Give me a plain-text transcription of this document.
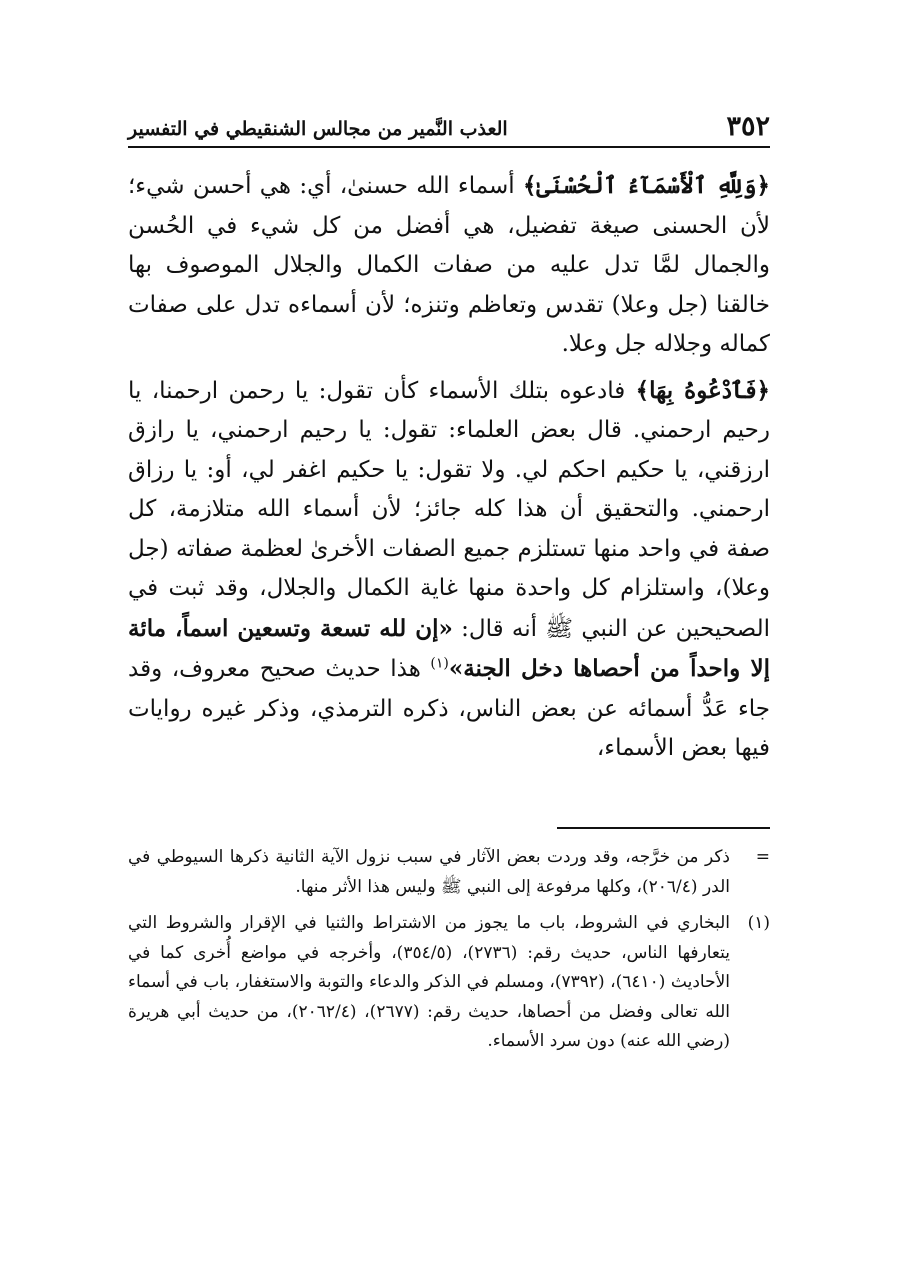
٣٥٢
العذب النَّمير من مجالس الشنقيطي في التفسير

﴿وَلِلَّهِ ٱلْأَسْمَآءُ ٱلْحُسْنَىٰ﴾ أسماء الله حسنىٰ، أي: هي أحسن شيء؛ لأن الحسنى صيغة تفضيل، هي أفضل من كل شيء في الحُسن والجمال لمَّا تدل عليه من صفات الكمال والجلال الموصوف بها خالقنا (جل وعلا) تقدس وتعاظم وتنزه؛ لأن أسماءه تدل على صفات كماله وجلاله جل وعلا.

﴿فَٱدْعُوهُ بِهَا﴾ فادعوه بتلك الأسماء كأن تقول: يا رحمن ارحمنا، يا رحيم ارحمني. قال بعض العلماء: تقول: يا رحيم ارحمني، يا رازق ارزقني، يا حكيم احكم لي. ولا تقول: يا حكيم اغفر لي، أو: يا رزاق ارحمني. والتحقيق أن هذا كله جائز؛ لأن أسماء الله متلازمة، كل صفة في واحد منها تستلزم جميع الصفات الأخرىٰ لعظمة صفاته (جل وعلا)، واستلزام كل واحدة منها غاية الكمال والجلال، وقد ثبت في الصحيحين عن النبي ﷺ أنه قال: «إن لله تسعة وتسعين اسماً، مائة إلا واحداً من أحصاها دخل الجنة»$^{(١)}$ هذا حديث صحيح معروف، وقد جاء عَدُّ أسمائه عن بعض الناس، ذكره الترمذي، وذكر غيره روايات فيها بعض الأسماء،

=
ذكر من خرَّجه، وقد وردت بعض الآثار في سبب نزول الآية الثانية ذكرها السيوطي في الدر (٢٠٦/٤)، وكلها مرفوعة إلى النبي ﷺ وليس هذا الأثر منها.
(١)
البخاري في الشروط، باب ما يجوز من الاشتراط والثنيا في الإقرار والشروط التي يتعارفها الناس، حديث رقم: (٢٧٣٦)، (٣٥٤/٥)، وأخرجه في مواضع أُخرى كما في الأحاديث (٦٤١٠)، (٧٣٩٢)، ومسلم في الذكر والدعاء والتوبة والاستغفار، باب في أسماء الله تعالى وفضل من أحصاها، حديث رقم: (٢٦٧٧)، (٢٠٦٢/٤)، من حديث أبي هريرة (رضي الله عنه) دون سرد الأسماء.
